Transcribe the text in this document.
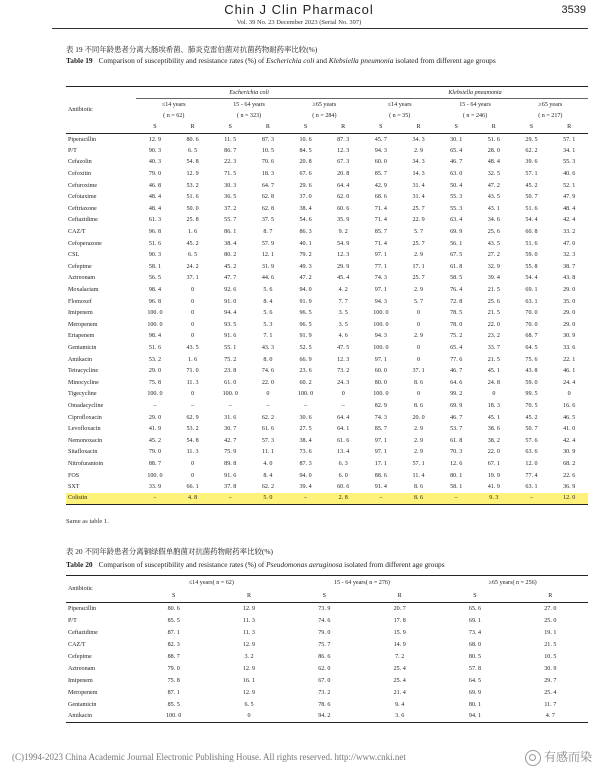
Chin J Clin Pharmacol	3539
Vol. 39 No. 23 December 2023 (Serial No. 397)
表 19 不同年龄患者分离大肠埃希菌、肺炎克雷伯菌对抗菌药物耐药率比较(%)
Table 19 Comparison of susceptibility and resistance rates (%) of Escherichia coli and Klebsiella pneumonia isolated from different age groups
Antibiotic	Escherichia coli						Klebsiella pneumonia					
	≤14 years		15 - 64 years		≥65 years		≤14 years		15 - 64 years		≥65 years	
	( n = 62)		( n = 323)		( n = 284)		( n = 35)		( n = 246)		( n = 217)	
	S	R	S	R	S	R	S	R	S	R	S	R
Piperacillin	12. 9	80. 6	11. 5	87. 3	10. 6	87. 3	45. 7	34. 3	30. 1	51. 6	29. 5	57. 1
P/T	90. 3	6. 5	86. 7	10. 5	84. 5	12. 3	94. 3	2. 9	65. 4	28. 0	62. 2	34. 1
Cefazolin	40. 3	54. 8	22. 3	70. 6	20. 8	67. 3	60. 0	34. 3	46. 7	48. 4	39. 6	55. 3
Cefoxitin	79. 0	12. 9	71. 5	18. 3	67. 6	20. 8	85. 7	14. 3	63. 0	32. 5	57. 1	40. 6
Cefuroxime	46. 8	53. 2	30. 3	64. 7	29. 6	64. 4	42. 9	31. 4	50. 4	47. 2	45. 2	52. 1
Cefotaxime	48. 4	51. 6	36. 5	62. 8	37. 0	62. 0	68. 6	31. 4	55. 3	43. 5	50. 7	47. 9
Ceftriaxone	48. 4	50. 0	37. 2	62. 8	38. 4	60. 6	71. 4	25. 7	55. 3	43. 1	51. 6	48. 4
Ceftazidime	61. 3	25. 8	55. 7	37. 5	54. 6	35. 9	71. 4	22. 9	63. 4	34. 6	54. 4	42. 4
CAZ/T	96. 8	1. 6	86. 1	8. 7	86. 3	9. 2	85. 7	5. 7	69. 9	25. 6	60. 8	33. 2
Cefoperazone	51. 6	45. 2	38. 4	57. 9	40. 1	54. 9	71. 4	25. 7	56. 1	43. 5	51. 6	47. 0
CSL	90. 3	6. 5	80. 2	12. 1	79. 2	12. 3	97. 1	2. 9	67. 5	27. 2	59. 0	32. 3
Cefepime	58. 1	24. 2	45. 2	31. 9	49. 3	29. 9	77. 1	17. 1	61. 8	32. 9	55. 8	38. 7
Aztreonam	56. 5	37. 1	47. 7	44. 6	47. 2	45. 4	74. 3	25. 7	58. 5	39. 4	54. 4	43. 8
Moxalactam	98. 4	0	92. 6	5. 6	94. 0	4. 2	97. 1	2. 9	76. 4	21. 5	69. 1	29. 0
Flomoxef	96. 8	0	91. 0	8. 4	91. 9	7. 7	94. 3	5. 7	72. 8	25. 6	63. 1	35. 0
Imipenem	100. 0	0	94. 4	5. 6	96. 5	3. 5	100. 0	0	78. 5	21. 5	70. 0	29. 0
Meropenem	100. 0	0	93. 5	5. 3	96. 5	3. 5	100. 0	0	78. 0	22. 0	70. 0	29. 0
Ertapenem	98. 4	0	91. 6	7. 1	91. 9	4. 6	94. 3	2. 9	75. 2	23. 2	68. 7	30. 9
Gentamicin	51. 6	43. 5	55. 1	43. 3	52. 5	47. 5	100. 0	0	65. 4	33. 7	64. 5	33. 6
Amikacin	53. 2	1. 6	75. 2	8. 0	66. 9	12. 3	97. 1	0	77. 6	21. 5	75. 6	22. 1
Tetracycline	29. 0	71. 0	23. 8	74. 6	23. 6	73. 2	60. 0	37. 1	46. 7	45. 1	43. 8	46. 1
Minocycline	75. 8	11. 3	61. 0	22. 0	60. 2	24. 3	80. 0	8. 6	64. 6	24. 8	59. 0	24. 4
Tigecycline	100. 0	0	100. 0	0	100. 0	0	100. 0	0	99. 2	0	99. 5	0
Omadacycline	–	–	–	–	–	–	82. 9	8. 6	69. 9	18. 3	70. 5	16. 6
Ciprofloxacin	29. 0	62. 9	31. 6	62. 2	30. 6	64. 4	74. 3	20. 0	46. 7	45. 1	45. 2	46. 5
Levofloxacin	41. 9	53. 2	30. 7	61. 6	27. 5	64. 1	85. 7	2. 9	53. 7	38. 6	50. 7	41. 0
Nemonoxacin	45. 2	54. 8	42. 7	57. 3	38. 4	61. 6	97. 1	2. 9	61. 8	38. 2	57. 6	42. 4
Sitafloxacin	79. 0	11. 3	75. 9	11. 1	73. 6	13. 4	97. 1	2. 9	70. 3	22. 0	63. 6	30. 9
Nitrofurantoin	88. 7	0	89. 8	4. 0	87. 3	6. 3	17. 1	57. 1	12. 6	67. 1	12. 0	68. 2
FOS	100. 0	0	91. 6	8. 4	94. 0	6. 0	88. 6	11. 4	80. 1	19. 9	77. 4	22. 6
SXT	33. 9	66. 1	37. 8	62. 2	39. 4	60. 6	91. 4	8. 6	58. 1	41. 9	63. 1	36. 9
Colistin	–	4. 8	–	5. 0	–	2. 8	–	8. 6	–	9. 3	–	12. 0
Same as table 1.
表 20 不同年龄患者分离铜绿假单胞菌对抗菌药物耐药率比较(%)
Table 20 Comparison of susceptibility and resistance rates (%) of Pseudomonas aeruginosa isolated from different age groups
Antibiotic	≤14 years( n = 62)		15 - 64 years( n = 276)		≥65 years( n = 256)	
	S	R	S	R	S	R
Piperacillin	80. 6	12. 9	73. 9	20. 7	65. 6	27. 0
P/T	85. 5	11. 3	74. 6	17. 8	69. 1	25. 0
Ceftazidime	87. 1	11. 3	79. 0	15. 9	73. 4	19. 1
CAZ/T	82. 3	12. 9	75. 7	14. 9	68. 0	21. 5
Cefepime	88. 7	3. 2	86. 6	7. 2	80. 5	10. 5
Aztreonam	79. 0	12. 9	62. 0	25. 4	57. 8	30. 9
Imipenem	75. 8	16. 1	67. 0	25. 4	64. 5	29. 7
Meropenem	87. 1	12. 9	73. 2	21. 4	69. 9	25. 4
Gentamicin	85. 5	6. 5	78. 6	9. 4	80. 1	11. 7
Amikacin	100. 0	0	94. 2	3. 6	94. 1	4. 7
(C)1994-2023 China Academic Journal Electronic Publishing House. All rights reserved. http://www.cnki.net	有感而染
